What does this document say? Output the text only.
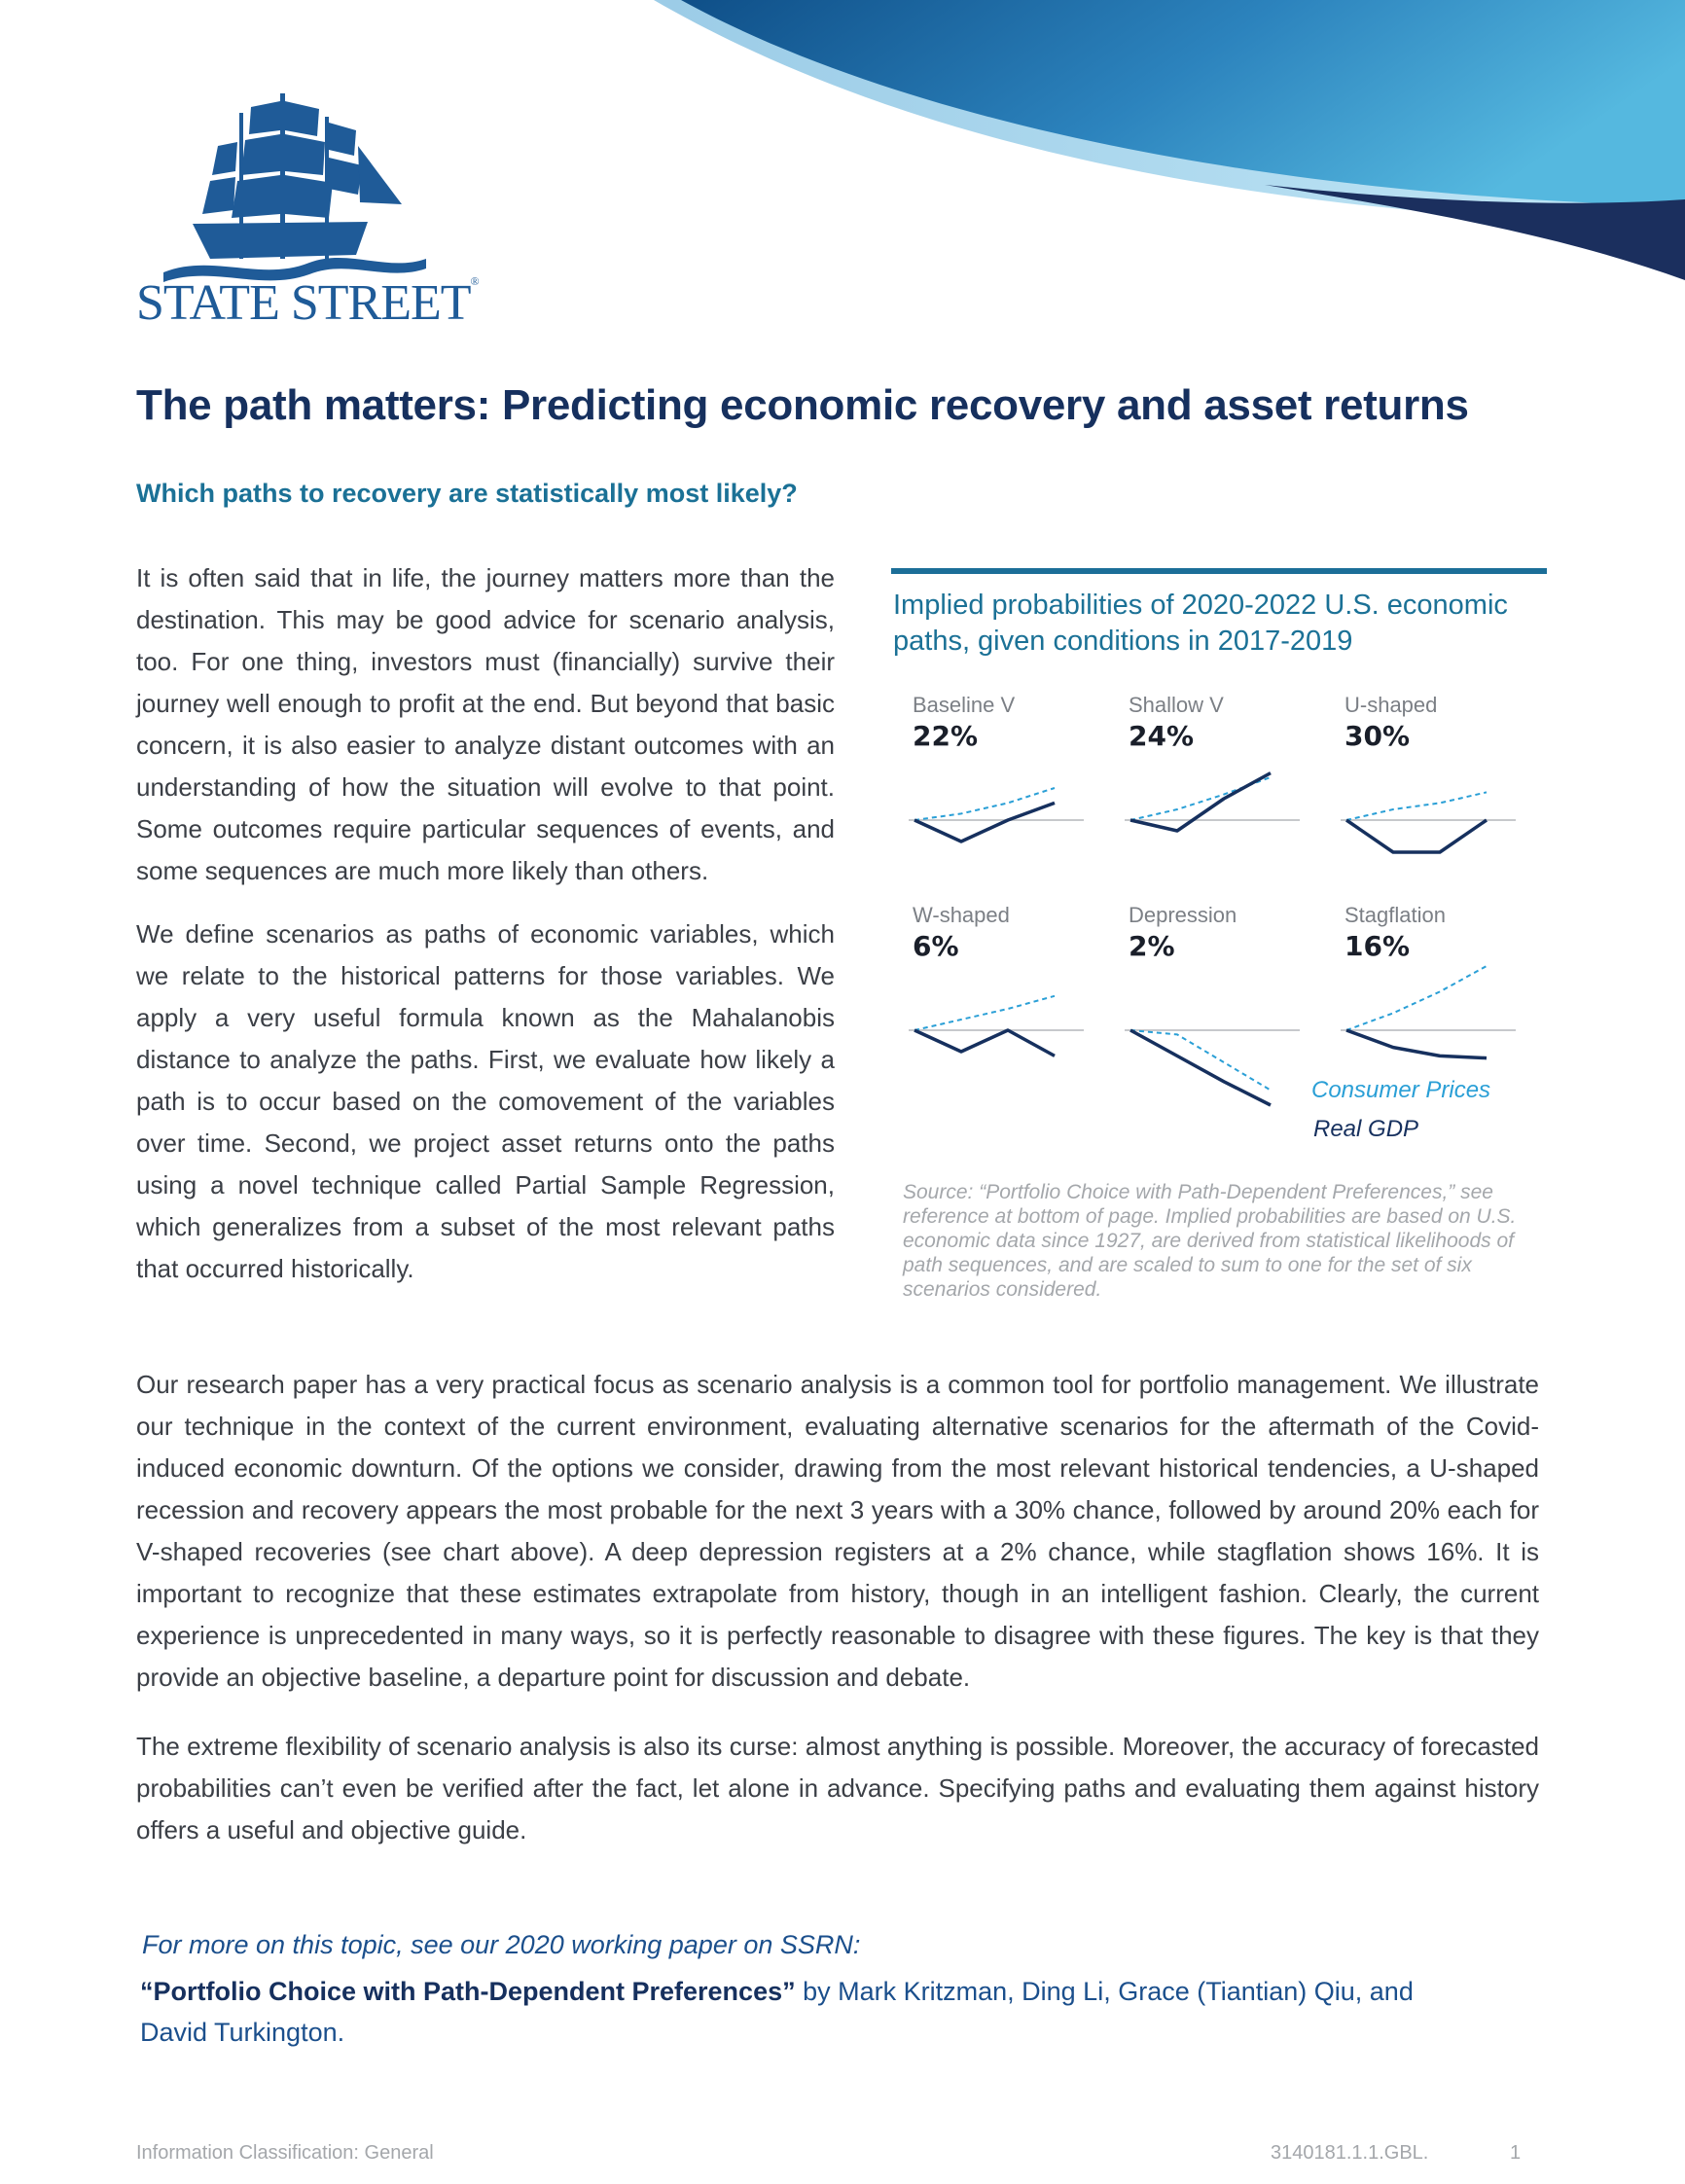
STATE STREET®
The path matters: Predicting economic recovery and asset returns
Which paths to recovery are statistically most likely?

It is often said that in life, the journey matters more than the destination. This may be good advice for scenario analysis, too. For one thing, investors must (financially) survive their journey well enough to profit at the end. But beyond that basic concern, it is also easier to analyze distant outcomes with an understanding of how the situation will evolve to that point. Some outcomes require particular sequences of events, and some sequences are much more likely than others.

We define scenarios as paths of economic variables, which we relate to the historical patterns for those variables. We apply a very useful formula known as the Mahalanobis distance to analyze the paths. First, we evaluate how likely a path is to occur based on the comovement of the variables over time. Second, we project asset returns onto the paths using a novel technique called Partial Sample Regression, which generalizes from a subset of the most relevant paths that occurred historically.

Implied probabilities of 2020-2022 U.S. economic paths, given conditions in 2017-2019
Baseline V
22%
Shallow V
24%
U-shaped
30%
W-shaped
6%
Depression
2%
Stagflation
16%
Consumer Prices
Real GDP
Source: “Portfolio Choice with Path-Dependent Preferences,” see reference at bottom of page. Implied probabilities are based on U.S. economic data since 1927, are derived from statistical likelihoods of path sequences, and are scaled to sum to one for the set of six scenarios considered.

Our research paper has a very practical focus as scenario analysis is a common tool for portfolio management. We illustrate our technique in the context of the current environment, evaluating alternative scenarios for the aftermath of the Covid-induced economic downturn. Of the options we consider, drawing from the most relevant historical tendencies, a U-shaped recession and recovery appears the most probable for the next 3 years with a 30% chance, followed by around 20% each for V-shaped recoveries (see chart above). A deep depression registers at a 2% chance, while stagflation shows 16%. It is important to recognize that these estimates extrapolate from history, though in an intelligent fashion. Clearly, the current experience is unprecedented in many ways, so it is perfectly reasonable to disagree with these figures. The key is that they provide an objective baseline, a departure point for discussion and debate.

The extreme flexibility of scenario analysis is also its curse: almost anything is possible. Moreover, the accuracy of forecasted probabilities can’t even be verified after the fact, let alone in advance. Specifying paths and evaluating them against history offers a useful and objective guide.

For more on this topic, see our 2020 working paper on SSRN:
“Portfolio Choice with Path-Dependent Preferences” by Mark Kritzman, Ding Li, Grace (Tiantian) Qiu, and David Turkington.
Information Classification: General	3140181.1.1.GBL.	1
